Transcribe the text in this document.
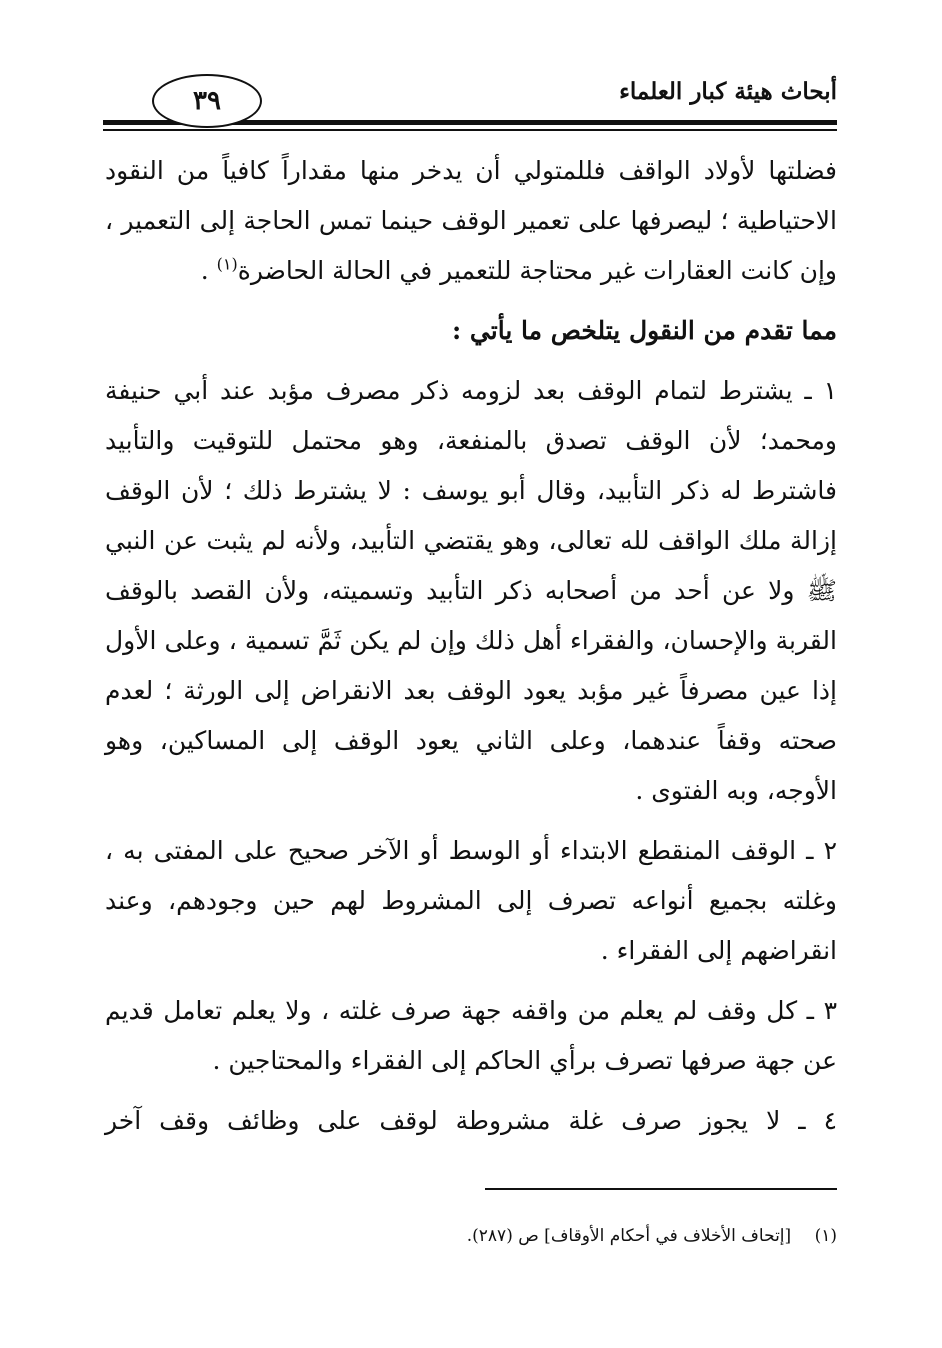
أبحاث هيئة كبار العلماء
٣٩

فضلتها لأولاد الواقف فللمتولي أن يدخر منها مقداراً كافياً من النقود الاحتياطية ؛ ليصرفها على تعمير الوقف حينما تمس الحاجة إلى التعمير ، وإن كانت العقارات غير محتاجة للتعمير في الحالة الحاضرة$^{(١)}$ .

مما تقدم من النقول يتلخص ما يأتي :

١ ـ يشترط لتمام الوقف بعد لزومه ذكر مصرف مؤبد عند أبي حنيفة ومحمد؛ لأن الوقف تصدق بالمنفعة، وهو محتمل للتوقيت والتأبيد فاشترط له ذكر التأبيد، وقال أبو يوسف : لا يشترط ذلك ؛ لأن الوقف إزالة ملك الواقف لله تعالى، وهو يقتضي التأبيد، ولأنه لم يثبت عن النبي ﷺ ولا عن أحد من أصحابه ذكر التأبيد وتسميته، ولأن القصد بالوقف القربة والإحسان، والفقراء أهل ذلك وإن لم يكن ثَمَّ تسمية ، وعلى الأول إذا عين مصرفاً غير مؤبد يعود الوقف بعد الانقراض إلى الورثة ؛ لعدم صحته وقفاً عندهما، وعلى الثاني يعود الوقف إلى المساكين، وهو الأوجه، وبه الفتوى .

٢ ـ الوقف المنقطع الابتداء أو الوسط أو الآخر صحيح على المفتى به ، وغلته بجميع أنواعه تصرف إلى المشروط لهم حين وجودهم، وعند انقراضهم إلى الفقراء .

٣ ـ كل وقف لم يعلم من واقفه جهة صرف غلته ، ولا يعلم تعامل قديم عن جهة صرفها تصرف برأي الحاكم إلى الفقراء والمحتاجين .

٤ ـ لا يجوز صرف غلة مشروطة لوقف على وظائف وقف آخر

(١) [إتحاف الأخلاف في أحكام الأوقاف] ص (٢٨٧).
